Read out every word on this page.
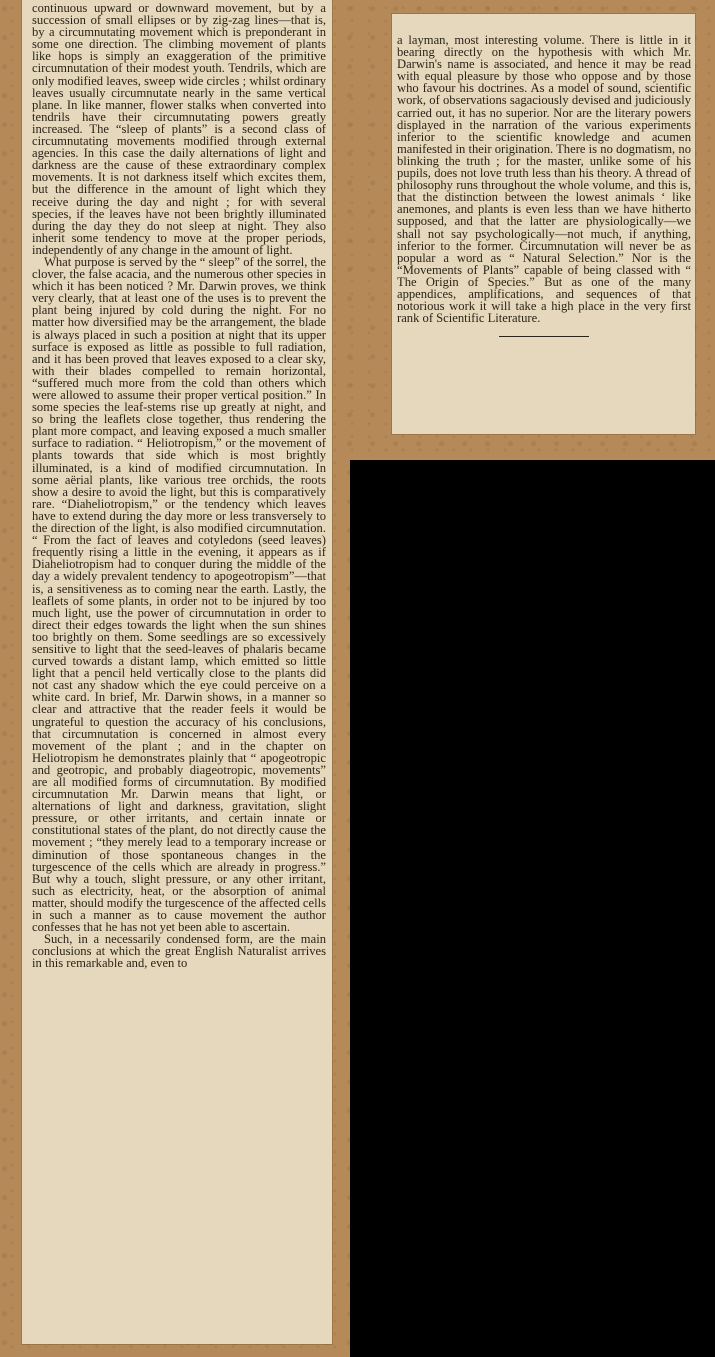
continuous upward or downward movement, but by a succession of small ellipses or by zig-zag lines—that is, by a circumnutating movement which is preponderant in some one direction. The climbing movement of plants like hops is simply an exaggeration of the primitive circumnutation of their modest youth. Tendrils, which are only modified leaves, sweep wide circles ; whilst ordinary leaves usually circumnutate nearly in the same vertical plane. In like manner, flower stalks when converted into tendrils have their circumnutating powers greatly increased. The “sleep of plants” is a second class of circumnutating movements modified through external agencies. In this case the daily alternations of light and darkness are the cause of these extraordinary complex movements. It is not darkness itself which excites them, but the difference in the amount of light which they receive during the day and night ; for with several species, if the leaves have not been brightly illuminated during the day they do not sleep at night. They also inherit some tendency to move at the proper periods, independently of any change in the amount of light.

What purpose is served by the “ sleep” of the sorrel, the clover, the false acacia, and the numerous other species in which it has been noticed ? Mr. Darwin proves, we think very clearly, that at least one of the uses is to prevent the plant being injured by cold during the night. For no matter how diversified may be the arrangement, the blade is always placed in such a position at night that its upper surface is exposed as little as possible to full radiation, and it has been proved that leaves exposed to a clear sky, with their blades compelled to remain horizontal, “suffered much more from the cold than others which were allowed to assume their proper vertical position.” In some species the leaf-stems rise up greatly at night, and so bring the leaflets close together, thus rendering the plant more compact, and leaving exposed a much smaller surface to radiation. “ Heliotropism,” or the movement of plants towards that side which is most brightly illuminated, is a kind of modified circumnutation. In some aërial plants, like various tree orchids, the roots show a desire to avoid the light, but this is comparatively rare. “Diaheliotropism,” or the tendency which leaves have to extend during the day more or less transversely to the direction of the light, is also modified circumnutation. “ From the fact of leaves and cotyledons (seed leaves) frequently rising a little in the evening, it appears as if Diaheliotropism had to conquer during the middle of the day a widely prevalent tendency to apogeotropism”—that is, a sensitiveness as to coming near the earth. Lastly, the leaflets of some plants, in order not to be injured by too much light, use the power of circumnutation in order to direct their edges towards the light when the sun shines too brightly on them. Some seedlings are so excessively sensitive to light that the seed-leaves of phalaris became curved towards a distant lamp, which emitted so little light that a pencil held vertically close to the plants did not cast any shadow which the eye could perceive on a white card. In brief, Mr. Darwin shows, in a manner so clear and attractive that the reader feels it would be ungrateful to question the accuracy of his conclusions, that circumnutation is concerned in almost every movement of the plant ; and in the chapter on Heliotropism he demonstrates plainly that “ apogeotropic and geotropic, and probably diageotropic, movements” are all modified forms of circumnutation. By modified circumnutation Mr. Darwin means that light, or alternations of light and darkness, gravitation, slight pressure, or other irritants, and certain innate or constitutional states of the plant, do not directly cause the movement ; “they merely lead to a temporary increase or diminution of those spontaneous changes in the turgescence of the cells which are already in progress.” But why a touch, slight pressure, or any other irritant, such as electricity, heat, or the absorption of animal matter, should modify the turgescence of the affected cells in such a manner as to cause movement the author confesses that he has not yet been able to ascertain.

Such, in a necessarily condensed form, are the main conclusions at which the great English Naturalist arrives in this remarkable and, even to

a layman, most interesting volume. There is little in it bearing directly on the hypothesis with which Mr. Darwin's name is associated, and hence it may be read with equal pleasure by those who oppose and by those who favour his doctrines. As a model of sound, scientific work, of observations sagaciously devised and judiciously carried out, it has no superior. Nor are the literary powers displayed in the narration of the various experiments inferior to the scientific knowledge and acumen manifested in their origination. There is no dogmatism, no blinking the truth ; for the master, unlike some of his pupils, does not love truth less than his theory. A thread of philosophy runs throughout the whole volume, and this is, that the distinction between the lowest animals ‘ like anemones, and plants is even less than we have hitherto supposed, and that the latter are physiologically—we shall not say psychologically—not much, if anything, inferior to the former. Circumnutation will never be as popular a word as “ Natural Selection.” Nor is the “Movements of Plants” capable of being classed with “ The Origin of Species.” But as one of the many appendices, amplifications, and sequences of that notorious work it will take a high place in the very first rank of Scientific Literature.
